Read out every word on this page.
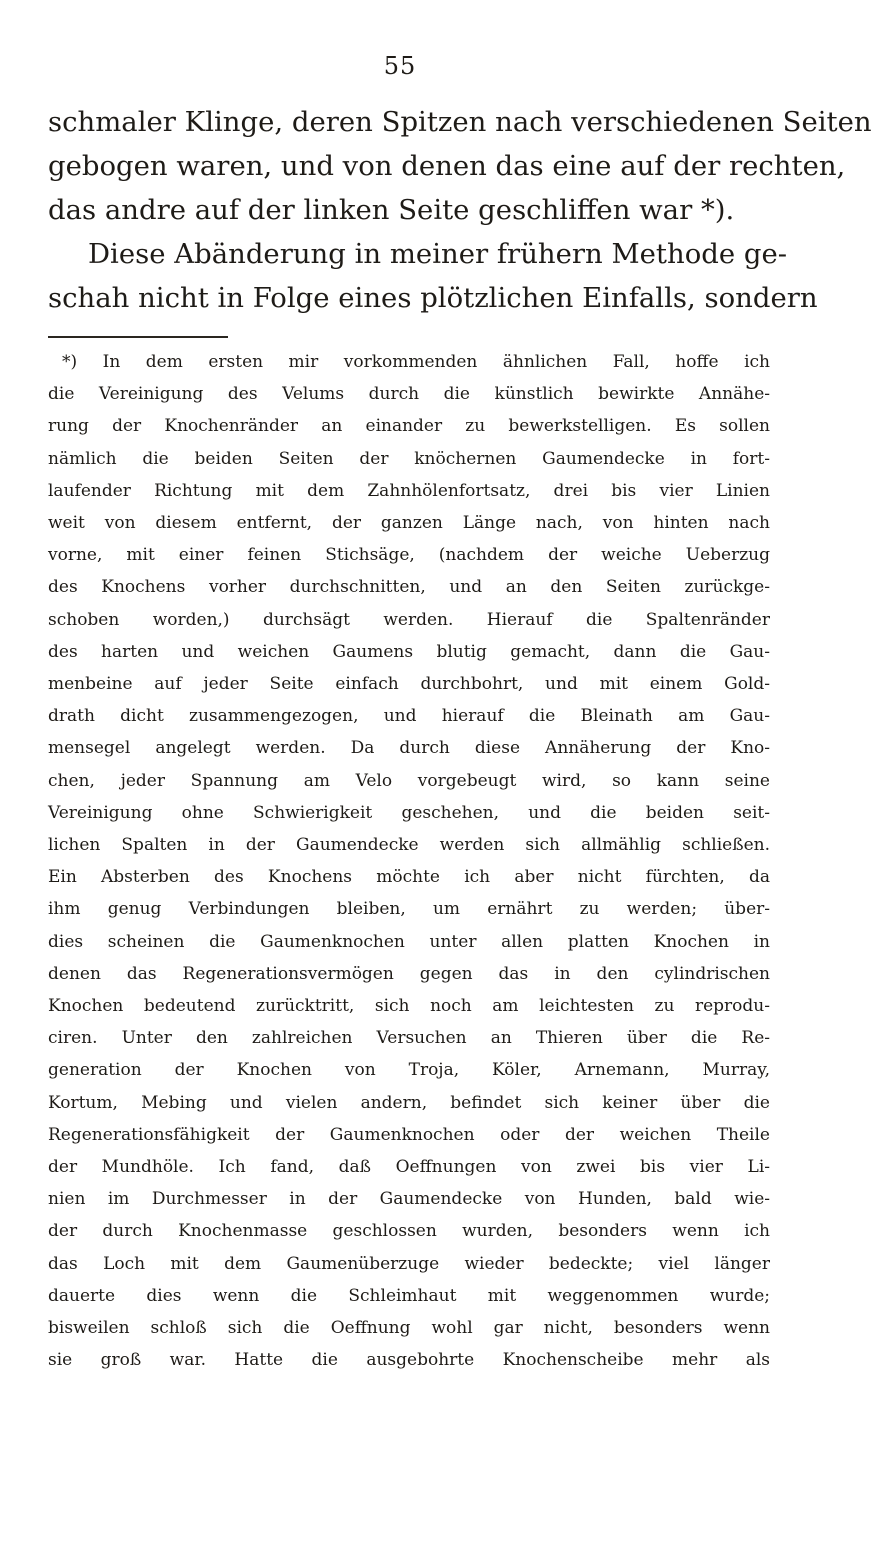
55
schmaler Klinge, deren Spitzen nach verschiedenen Seiten
gebogen waren, und von denen das eine auf der rechten,
das andre auf der linken Seite geschliffen war *).
Diese Abänderung in meiner frühern Methode ge-
schah nicht in Folge eines plötzlichen Einfalls, sondern
*) In dem ersten mir vorkommenden ähnlichen Fall, hoffe ich
die Vereinigung des Velums durch die künstlich bewirkte Annähe-
rung der Knochenränder an einander zu bewerkstelligen. Es sollen
nämlich die beiden Seiten der knöchernen Gaumendecke in fort-
laufender Richtung mit dem Zahnhölenfortsatz, drei bis vier Linien
weit von diesem entfernt, der ganzen Länge nach, von hinten nach
vorne, mit einer feinen Stichsäge, (nachdem der weiche Ueberzug
des Knochens vorher durchschnitten, und an den Seiten zurückge-
schoben worden,) durchsägt werden. Hierauf die Spaltenränder
des harten und weichen Gaumens blutig gemacht, dann die Gau-
menbeine auf jeder Seite einfach durchbohrt, und mit einem Gold-
drath dicht zusammengezogen, und hierauf die Bleinath am Gau-
mensegel angelegt werden. Da durch diese Annäherung der Kno-
chen, jeder Spannung am Velo vorgebeugt wird, so kann seine
Vereinigung ohne Schwierigkeit geschehen, und die beiden seit-
lichen Spalten in der Gaumendecke werden sich allmählig schließen.
Ein Absterben des Knochens möchte ich aber nicht fürchten, da
ihm genug Verbindungen bleiben, um ernährt zu werden; über-
dies scheinen die Gaumenknochen unter allen platten Knochen in
denen das Regenerationsvermögen gegen das in den cylindrischen
Knochen bedeutend zurücktritt, sich noch am leichtesten zu reprodu-
ciren. Unter den zahlreichen Versuchen an Thieren über die Re-
generation der Knochen von Troja, Köler, Arnemann, Murray,
Kortum, Mebing und vielen andern, befindet sich keiner über die
Regenerationsfähigkeit der Gaumenknochen oder der weichen Theile
der Mundhöle. Ich fand, daß Oeffnungen von zwei bis vier Li-
nien im Durchmesser in der Gaumendecke von Hunden, bald wie-
der durch Knochenmasse geschlossen wurden, besonders wenn ich
das Loch mit dem Gaumenüberzuge wieder bedeckte; viel länger
dauerte dies wenn die Schleimhaut mit weggenommen wurde;
bisweilen schloß sich die Oeffnung wohl gar nicht, besonders wenn
sie groß war. Hatte die ausgebohrte Knochenscheibe mehr als
